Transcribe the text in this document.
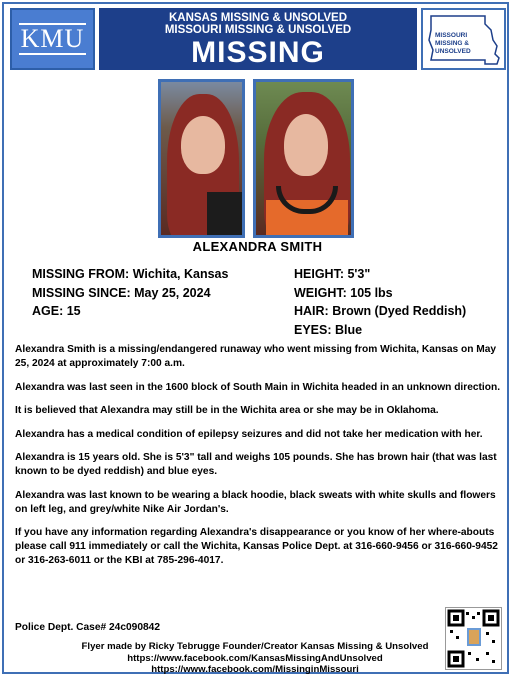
KMU
KANSAS MISSING & UNSOLVED
MISSOURI MISSING & UNSOLVED
MISSING
MISSOURI
MISSING &
UNSOLVED
ALEXANDRA SMITH
MISSING FROM: Wichita, Kansas
MISSING SINCE: May 25, 2024
AGE: 15
HEIGHT: 5'3"
WEIGHT: 105 lbs
HAIR: Brown (Dyed Reddish)
EYES: Blue

Alexandra Smith is a missing/endangered runaway who went missing from Wichita, Kansas on May 25, 2024 at approximately 7:00 a.m.

Alexandra was last seen in the 1600 block of South Main in Wichita headed in an unknown direction.

It is believed that Alexandra may still be in the Wichita area or she may be in Oklahoma.

Alexandra has a medical condition of epilepsy seizures and did not take her medication with her.

Alexandra is 15 years old. She is 5'3" tall and weighs 105 pounds. She has brown hair (that was last known to be dyed reddish) and blue eyes.

Alexandra was last known to be wearing a black hoodie, black sweats with white skulls and flowers on left leg, and grey/white Nike Air Jordan's.

If you have any information regarding Alexandra's disappearance or you know of her where-abouts please call 911 immediately or call the Wichita, Kansas Police Dept. at 316-660-9456 or 316-660-9452 or 316-263-6011 or the KBI at 785-296-4017.

Police Dept. Case# 24c090842
Flyer made by Ricky Tebrugge Founder/Creator Kansas Missing & Unsolved
https://www.facebook.com/KansasMissingAndUnsolved
https://www.facebook.com/MissinginMissouri
